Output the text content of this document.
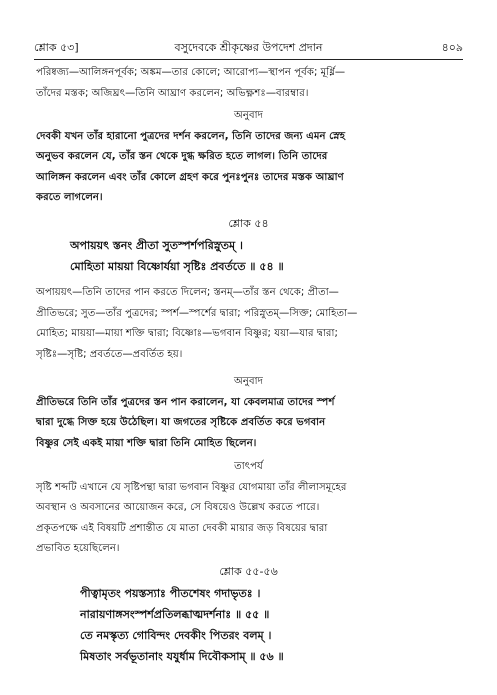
শ্লোক ৫৩]	বসুদেবকে শ্রীকৃষ্ণের উপদেশ প্রদান	৪০৯

পরিষ্বজ্য—আলিঙ্গনপূর্বক; অঙ্কম—তার কোলে; আরোপ্য—স্থাপন পূর্বক; মূর্ধ্নি—

তাঁদের মস্তক; অজিঘ্রৎ—তিনি আঘ্রাণ করলেন; অভিক্ষ্ণশঃ—বারম্বার।

অনুবাদ

দেবকী যখন তাঁর হারানো পুত্রদের দর্শন করলেন, তিনি তাদের জন্য এমন স্নেহ

অনুভব করলেন যে, তাঁর স্তন থেকে দুগ্ধ ক্ষরিত হতে লাগল। তিনি তাদের

আলিঙ্গন করলেন এবং তাঁর কোলে গ্রহণ করে পুনঃপুনঃ তাদের মস্তক আঘ্রাণ

করতে লাগলেন।

শ্লোক ৫৪

অপায়য়ৎ স্তনং প্রীতা সুতস্পর্শপরিস্নুতম্ ।

মোহিতা মায়য়া বিষ্ণোর্যয়া সৃষ্টিঃ প্রবর্ততে ॥ ৫৪ ॥

অপায়য়ৎ—তিনি তাদের পান করতে দিলেন; স্তনম্—তাঁর স্তন থেকে; প্রীতা—

প্রীতিভরে; সুত—তাঁর পুত্রদের; স্পর্শ—স্পর্শের দ্বারা; পরিস্নুতম্—সিক্ত; মোহিতা—

মোহিত; মায়য়া—মায়া শক্তি দ্বারা; বিষ্ণোঃ—ভগবান বিষ্ণুর; যয়া—যার দ্বারা;

সৃষ্টিঃ—সৃষ্টি; প্রবর্ততে—প্রবর্তিত হয়।

অনুবাদ

প্রীতিভরে তিনি তাঁর পুত্রদের স্তন পান করালেন, যা কেবলমাত্র তাদের স্পর্শ

দ্বারা দুগ্ধে সিক্ত হয়ে উঠেছিল। যা জগতের সৃষ্টিকে প্রবর্তিত করে ভগবান

বিষ্ণুর সেই একই মায়া শক্তি দ্বারা তিনি মোহিত ছিলেন।

তাৎপর্য

সৃষ্টি শব্দটি এখানে যে সৃষ্টিপন্থা দ্বারা ভগবান বিষ্ণুর যোগমায়া তাঁর লীলাসমূহের

অবস্থান ও অবসানের আয়োজন করে, সে বিষয়েও উল্লেখ করতে পারে।

প্রকৃতপক্ষে এই বিষয়টি প্রশান্তীত যে মাতা দেবকী মায়ার জড় বিষয়ের দ্বারা

প্রভাবিত হয়েছিলেন।

শ্লোক ৫৫-৫৬

পীত্বামৃতং পয়স্তস্যাঃ পীতশেষং গদাভৃতঃ ।

নারায়ণাঙ্গসংস্পর্শপ্রতিলব্ধাত্মদর্শনাঃ ॥ ৫৫ ॥

তে নমস্কৃত্য গোবিন্দং দেবকীং পিতরং বলম্ ।

মিষতাং সর্বভূতানাং যযুর্ধাম দিবৌকসাম্ ॥ ৫৬ ॥
